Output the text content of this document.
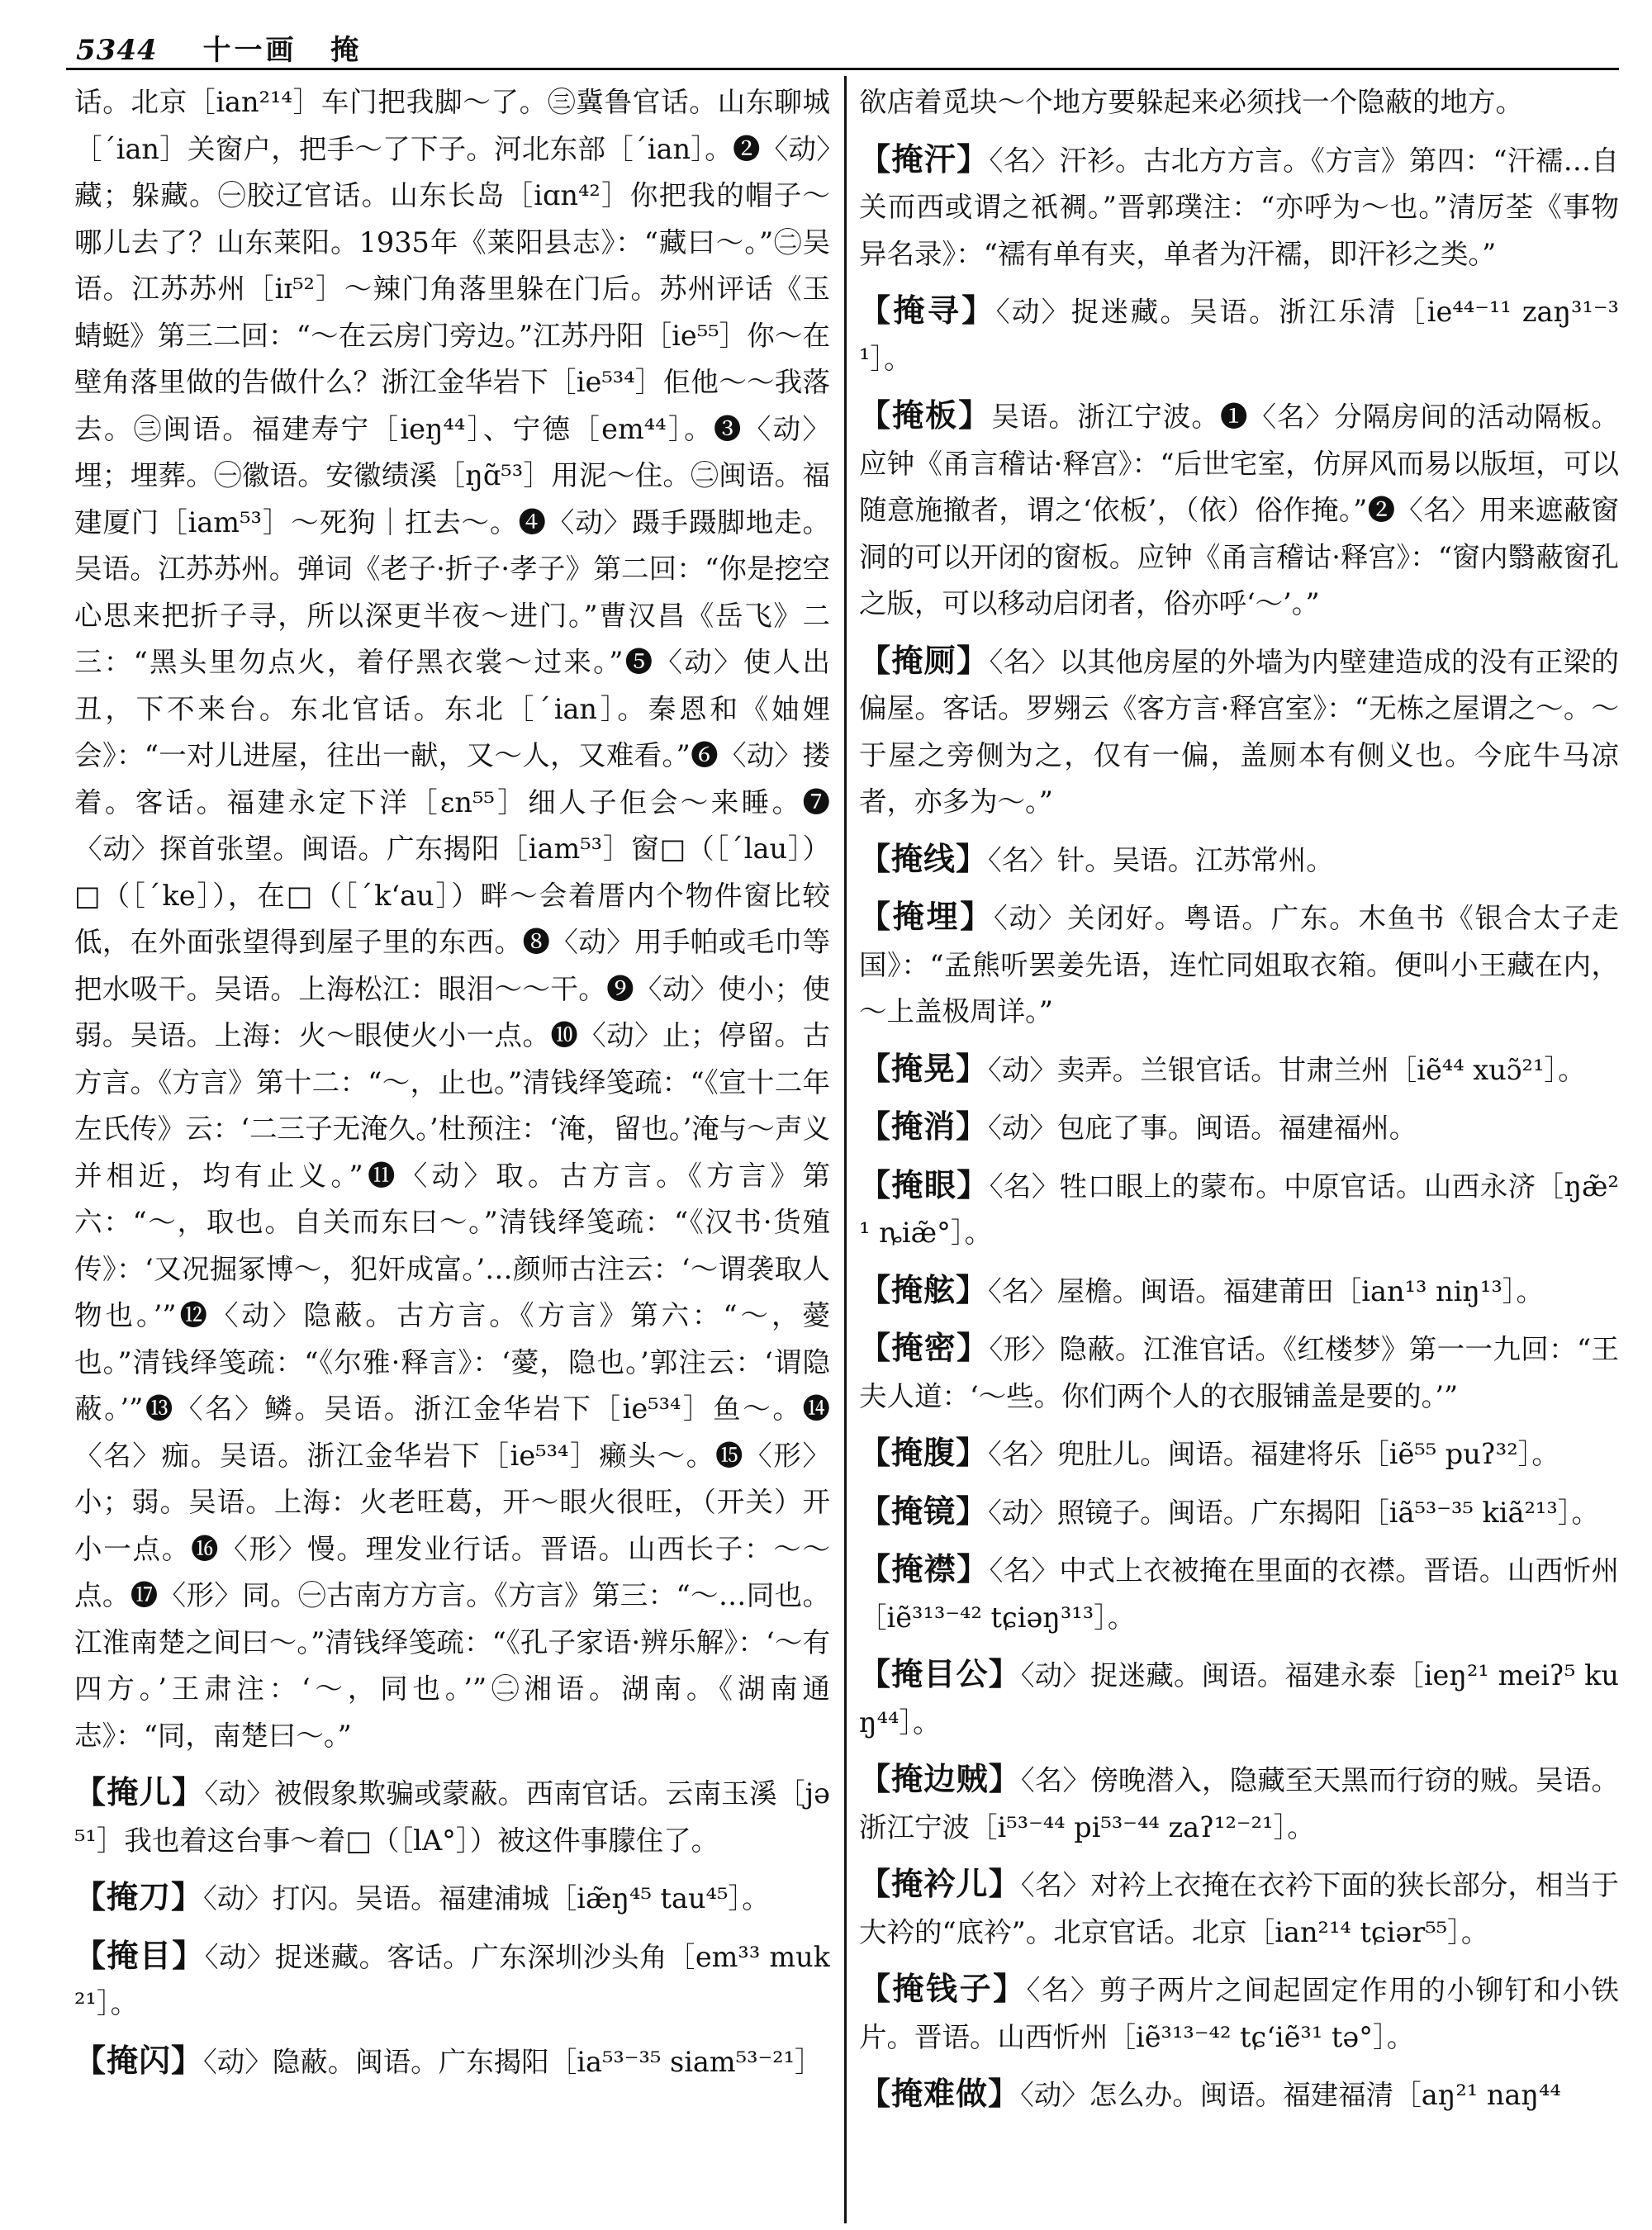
5344 十一画 掩
话。北京［ian²¹⁴］车门把我脚～了。㊂冀鲁官话。山东聊城［ˊian］关窗户，把手～了下子。河北东部［ˊian］。❷〈动〉藏；躲藏。㊀胶辽官话。山东长岛［iɑn⁴²］你把我的帽子～哪儿去了？山东莱阳。1935年《莱阳县志》：“藏曰～。”㊁吴语。江苏苏州［iɪ⁵²］～辣门角落里躲在门后。苏州评话《玉蜻蜓》第三二回：“～在云房门旁边。”江苏丹阳［ie⁵⁵］你～在壁角落里做的告做什么？浙江金华岩下［ie⁵³⁴］佢他～～我落去。㊂闽语。福建寿宁［ieŋ⁴⁴］、宁德［em⁴⁴］。❸〈动〉埋；埋葬。㊀徽语。安徽绩溪［ŋɑ̃⁵³］用泥～住。㊁闽语。福建厦门［iam⁵³］～死狗｜扛去～。❹〈动〉蹑手蹑脚地走。吴语。江苏苏州。弹词《老子·折子·孝子》第二回：“你是挖空心思来把折子寻，所以深更半夜～进门。”曹汉昌《岳飞》二三：“黑头里勿点火，着仔黑衣裳～过来。”❺〈动〉使人出丑，下不来台。东北官话。东北［ˊian］。秦恩和《妯娌会》：“一对儿进屋，往出一献，又～人，又难看。”❻〈动〉搂着。客话。福建永定下洋［ɛn⁵⁵］细人子佢会～来睡。❼〈动〉探首张望。闽语。广东揭阳［iam⁵³］窗□（［ˊlau］）□（［ˊke］），在□（［ˊk‘au］）畔～会着厝内个物件窗比较低，在外面张望得到屋子里的东西。❽〈动〉用手帕或毛巾等把水吸干。吴语。上海松江：眼泪～～干。❾〈动〉使小；使弱。吴语。上海：火～眼使火小一点。❿〈动〉止；停留。古方言。《方言》第十二：“～，止也。”清钱绎笺疏：“《宣十二年左氏传》云：‘二三子无淹久。’杜预注：‘淹，留也。’淹与～声义并相近，均有止义。”⓫〈动〉取。古方言。《方言》第六：“～，取也。自关而东曰～。”清钱绎笺疏：“《汉书·货殖传》：‘又况掘冢博～，犯奸成富。’…颜师古注云：‘～谓袭取人物也。’”⓬〈动〉隐蔽。古方言。《方言》第六：“～，薆也。”清钱绎笺疏：“《尔雅·释言》：‘薆，隐也。’郭注云：‘谓隐蔽。’”⓭〈名〉鳞。吴语。浙江金华岩下［ie⁵³⁴］鱼～。⓮〈名〉痂。吴语。浙江金华岩下［ie⁵³⁴］癞头～。⓯〈形〉小；弱。吴语。上海：火老旺葛，开～眼火很旺，（开关）开小一点。⓰〈形〉慢。理发业行话。晋语。山西长子：～～点。⓱〈形〉同。㊀古南方方言。《方言》第三：“～…同也。江淮南楚之间曰～。”清钱绎笺疏：“《孔子家语·辨乐解》：‘～有四方。’王肃注：‘～，同也。’”㊁湘语。湖南。《湖南通志》：“同，南楚曰～。”
【掩儿】〈动〉被假象欺骗或蒙蔽。西南官话。云南玉溪［jə⁵¹］我也着这台事～着□（［lA°］）被这件事朦住了。
【掩刀】〈动〉打闪。吴语。福建浦城［iæ̃ŋ⁴⁵ tau⁴⁵］。
【掩目】〈动〉捉迷藏。客话。广东深圳沙头角［em³³ muk²¹］。
【掩闪】〈动〉隐蔽。闽语。广东揭阳［ia⁵³⁻³⁵ siam⁵³⁻²¹］
欲店着觅块～个地方要躲起来必须找一个隐蔽的地方。
【掩汗】〈名〉汗衫。古北方方言。《方言》第四：“汗襦…自关而西或谓之祇裯。”晋郭璞注：“亦呼为～也。”清厉荃《事物异名录》：“襦有单有夹，单者为汗襦，即汗衫之类。”
【掩寻】〈动〉捉迷藏。吴语。浙江乐清［ie⁴⁴⁻¹¹ zaŋ³¹⁻³¹］。
【掩板】吴语。浙江宁波。❶〈名〉分隔房间的活动隔板。应钟《甬言稽诂·释宫》：“后世宅室，仿屏风而易以版垣，可以随意施撤者，谓之‘依板’，（依）俗作掩。”❷〈名〉用来遮蔽窗洞的可以开闭的窗板。应钟《甬言稽诂·释宫》：“窗内翳蔽窗孔之版，可以移动启闭者，俗亦呼‘～’。”
【掩厕】〈名〉以其他房屋的外墙为内壁建造成的没有正梁的偏屋。客话。罗翙云《客方言·释宫室》：“无栋之屋谓之～。～于屋之旁侧为之，仅有一偏，盖厕本有侧义也。今庇牛马凉者，亦多为～。”
【掩线】〈名〉针。吴语。江苏常州。
【掩埋】〈动〉关闭好。粤语。广东。木鱼书《银合太子走国》：“孟熊听罢姜先语，连忙同姐取衣箱。便叫小王藏在内，～上盖极周详。”
【掩晃】〈动〉卖弄。兰银官话。甘肃兰州［iẽ⁴⁴ xuɔ̃²¹］。
【掩消】〈动〉包庇了事。闽语。福建福州。
【掩眼】〈名〉牲口眼上的蒙布。中原官话。山西永济［ŋæ̃²¹ ȵiæ̃°］。
【掩舷】〈名〉屋檐。闽语。福建莆田［ian¹³ niŋ¹³］。
【掩密】〈形〉隐蔽。江淮官话。《红楼梦》第一一九回：“王夫人道：‘～些。你们两个人的衣服铺盖是要的。’”
【掩腹】〈名〉兜肚儿。闽语。福建将乐［iẽ⁵⁵ puʔ³²］。
【掩镜】〈动〉照镜子。闽语。广东揭阳［iã⁵³⁻³⁵ kiã²¹³］。
【掩襟】〈名〉中式上衣被掩在里面的衣襟。晋语。山西忻州［iẽ³¹³⁻⁴² tɕiəŋ³¹³］。
【掩目公】〈动〉捉迷藏。闽语。福建永泰［ieŋ²¹ meiʔ⁵ kuŋ⁴⁴］。
【掩边贼】〈名〉傍晚潜入，隐藏至天黑而行窃的贼。吴语。浙江宁波［i⁵³⁻⁴⁴ pi⁵³⁻⁴⁴ zaʔ¹²⁻²¹］。
【掩衿儿】〈名〉对衿上衣掩在衣衿下面的狭长部分，相当于大衿的“底衿”。北京官话。北京［ian²¹⁴ tɕiər⁵⁵］。
【掩钱子】〈名〉剪子两片之间起固定作用的小铆钉和小铁片。晋语。山西忻州［iẽ³¹³⁻⁴² tɕ‘iẽ³¹ tə°］。
【掩难做】〈动〉怎么办。闽语。福建福清［aŋ²¹ naŋ⁴⁴
